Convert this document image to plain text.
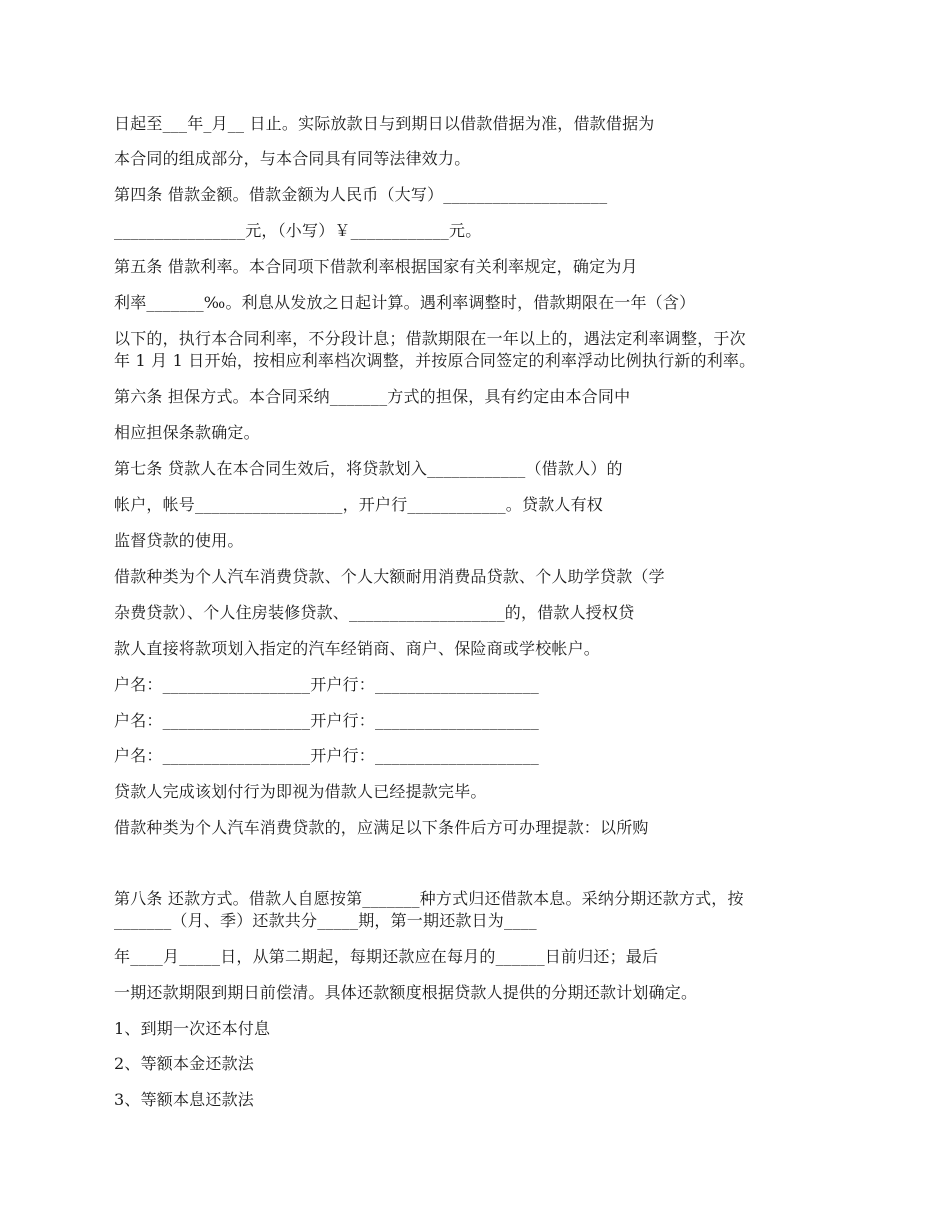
日起至___年_月__ 日止。实际放款日与到期日以借款借据为准，借款借据为
本合同的组成部分，与本合同具有同等法律效力。
第四条 借款金额。借款金额为人民币（大写）____________________
________________元，（小写）￥____________元。
第五条 借款利率。本合同项下借款利率根据国家有关利率规定，确定为月
利率_______‰。利息从发放之日起计算。遇利率调整时，借款期限在一年（含）
以下的，执行本合同利率，不分段计息；借款期限在一年以上的，遇法定利率调整，于次
年 1 月 1 日开始，按相应利率档次调整，并按原合同签定的利率浮动比例执行新的利率。
第六条 担保方式。本合同采纳_______方式的担保，具有约定由本合同中
相应担保条款确定。
第七条 贷款人在本合同生效后，将贷款划入____________（借款人）的
帐户，帐号__________________，开户行____________。贷款人有权
监督贷款的使用。
借款种类为个人汽车消费贷款、个人大额耐用消费品贷款、个人助学贷款（学
杂费贷款）、个人住房装修贷款、___________________的，借款人授权贷
款人直接将款项划入指定的汽车经销商、商户、保险商或学校帐户。
户名：__________________开户行：____________________
户名：__________________开户行：____________________
户名：__________________开户行：____________________
贷款人完成该划付行为即视为借款人已经提款完毕。
借款种类为个人汽车消费贷款的，应满足以下条件后方可办理提款：以所购
第八条 还款方式。借款人自愿按第_______种方式归还借款本息。采纳分期还款方式，按
_______（月、季）还款共分_____期，第一期还款日为____
年____月_____日，从第二期起，每期还款应在每月的______日前归还；最后
一期还款期限到期日前偿清。具体还款额度根据贷款人提供的分期还款计划确定。
1、到期一次还本付息
2、等额本金还款法
3、等额本息还款法
